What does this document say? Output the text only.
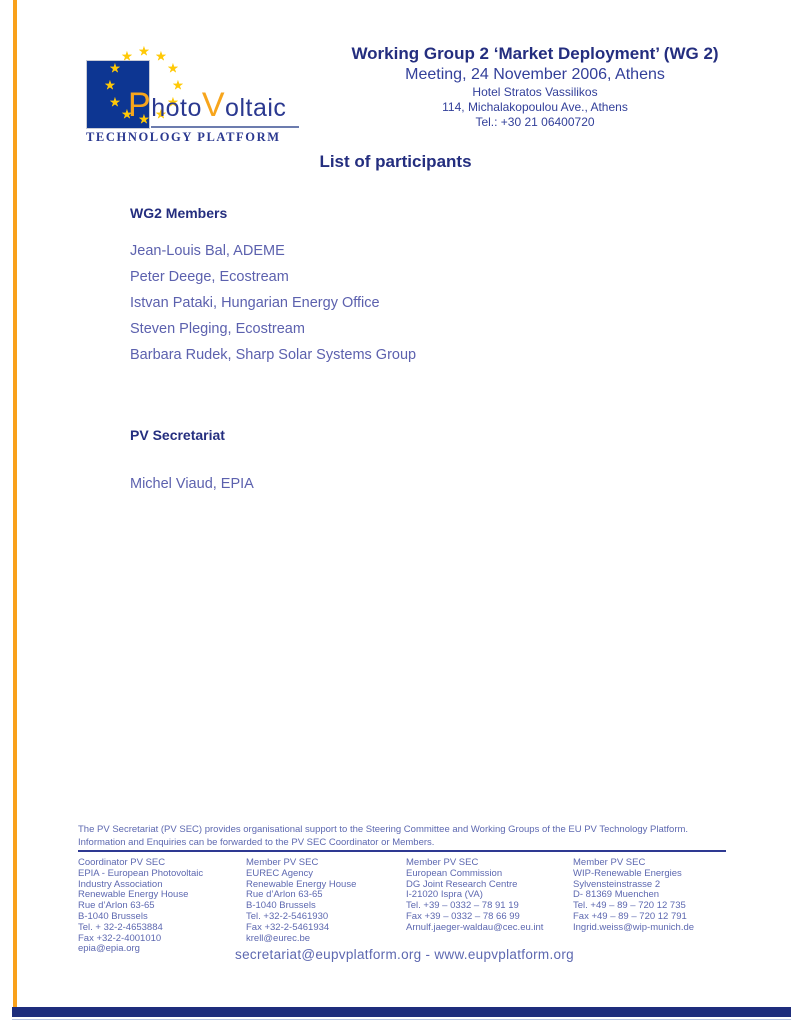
★
★
★
★
★
★
★
★
★
★
★
★
PhotoVoltaic
TECHNOLOGY PLATFORM
Working Group 2 ‘Market Deployment’ (WG 2)
Meeting, 24 November 2006, Athens
Hotel Stratos Vassilikos
114, Michalakopoulou Ave., Athens
Tel.: +30 21 06400720
List of participants
WG2 Members
Jean-Louis Bal, ADEME
Peter Deege, Ecostream
Istvan Pataki, Hungarian Energy Office
Steven Pleging, Ecostream
Barbara Rudek, Sharp Solar Systems Group
PV Secretariat
Michel Viaud, EPIA
The PV Secretariat (PV SEC) provides organisational support to the Steering Committee and Working Groups of the EU PV Technology Platform.
Information and Enquiries can be forwarded to the PV SEC Coordinator or Members.
Coordinator PV SEC
EPIA - European Photovoltaic
Industry Association
Renewable Energy House
Rue d’Arlon 63-65
B-1040 Brussels
Tel. + 32-2-4653884
Fax +32-2-4001010
epia@epia.org
Member PV SEC
EUREC Agency
Renewable Energy House
Rue d’Arlon 63-65
B-1040 Brussels
Tel. +32-2-5461930
Fax +32-2-5461934
krell@eurec.be
Member PV SEC
European Commission
DG Joint Research Centre
I-21020 Ispra (VA)
Tel. +39 – 0332 – 78 91 19
Fax +39 – 0332 – 78 66 99
Arnulf.jaeger-waldau@cec.eu.int
Member PV SEC
WIP-Renewable Energies
Sylvensteinstrasse 2
D- 81369 Muenchen
Tel. +49 – 89 – 720 12 735
Fax +49 – 89 – 720 12 791
Ingrid.weiss@wip-munich.de
secretariat@eupvplatform.org - www.eupvplatform.org
